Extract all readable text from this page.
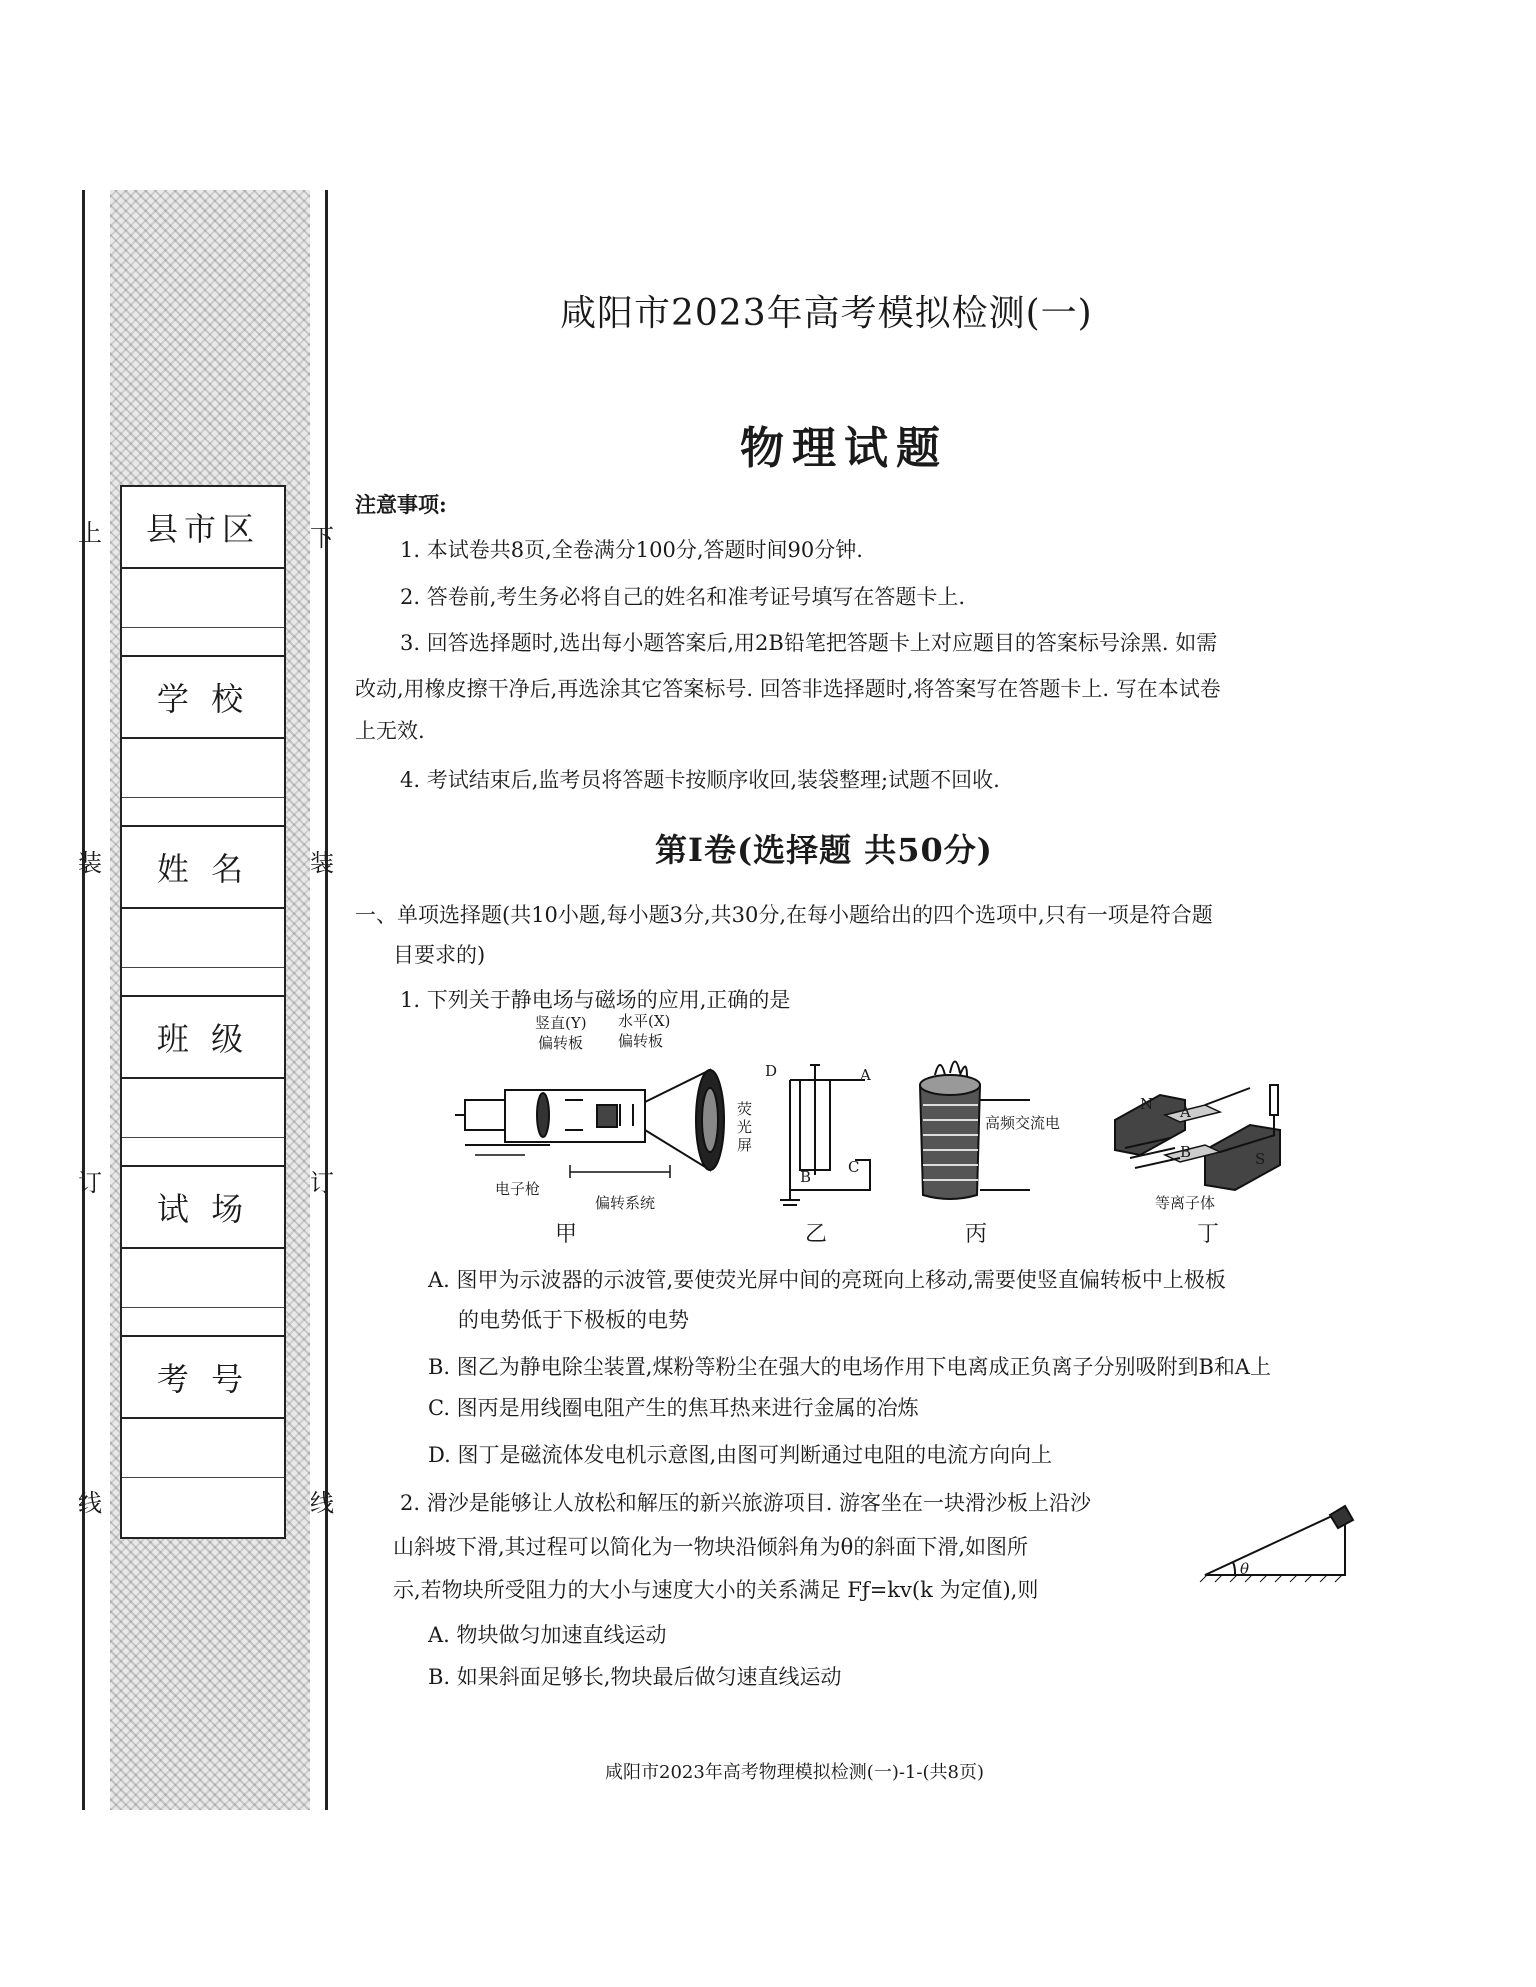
县市区
学 校
姓 名
班 级
试 场
考 号
上
装
订
线
下
装
订
线
咸阳市2023年高考模拟检测(一)
物理试题
注意事项:
1. 本试卷共8页,全卷满分100分,答题时间90分钟.
2. 答卷前,考生务必将自己的姓名和准考证号填写在答题卡上.
3. 回答选择题时,选出每小题答案后,用2B铅笔把答题卡上对应题目的答案标号涂黑. 如需
改动,用橡皮擦干净后,再选涂其它答案标号. 回答非选择题时,将答案写在答题卡上. 写在本试卷
上无效.
4. 考试结束后,监考员将答题卡按顺序收回,装袋整理;试题不回收.
第Ⅰ卷(选择题 共50分)
一、单项选择题(共10小题,每小题3分,共30分,在每小题给出的四个选项中,只有一项是符合题
目要求的)
1. 下列关于静电场与磁场的应用,正确的是
竖直(Y)
偏转板
水平(X)
偏转板
荧
光
屏
电子枪
偏转系统
甲
D	A
B
C
乙
高频交流电
丙
N
S
A
B
等离子体
丁
A. 图甲为示波器的示波管,要使荧光屏中间的亮斑向上移动,需要使竖直偏转板中上极板
的电势低于下极板的电势
B. 图乙为静电除尘装置,煤粉等粉尘在强大的电场作用下电离成正负离子分别吸附到B和A上
C. 图丙是用线圈电阻产生的焦耳热来进行金属的冶炼
D. 图丁是磁流体发电机示意图,由图可判断通过电阻的电流方向向上
2. 滑沙是能够让人放松和解压的新兴旅游项目. 游客坐在一块滑沙板上沿沙
山斜坡下滑,其过程可以简化为一物块沿倾斜角为θ的斜面下滑,如图所
示,若物块所受阻力的大小与速度大小的关系满足 Fƒ=kv(k 为定值),则
θ
A. 物块做匀加速直线运动
B. 如果斜面足够长,物块最后做匀速直线运动
咸阳市2023年高考物理模拟检测(一)-1-(共8页)
